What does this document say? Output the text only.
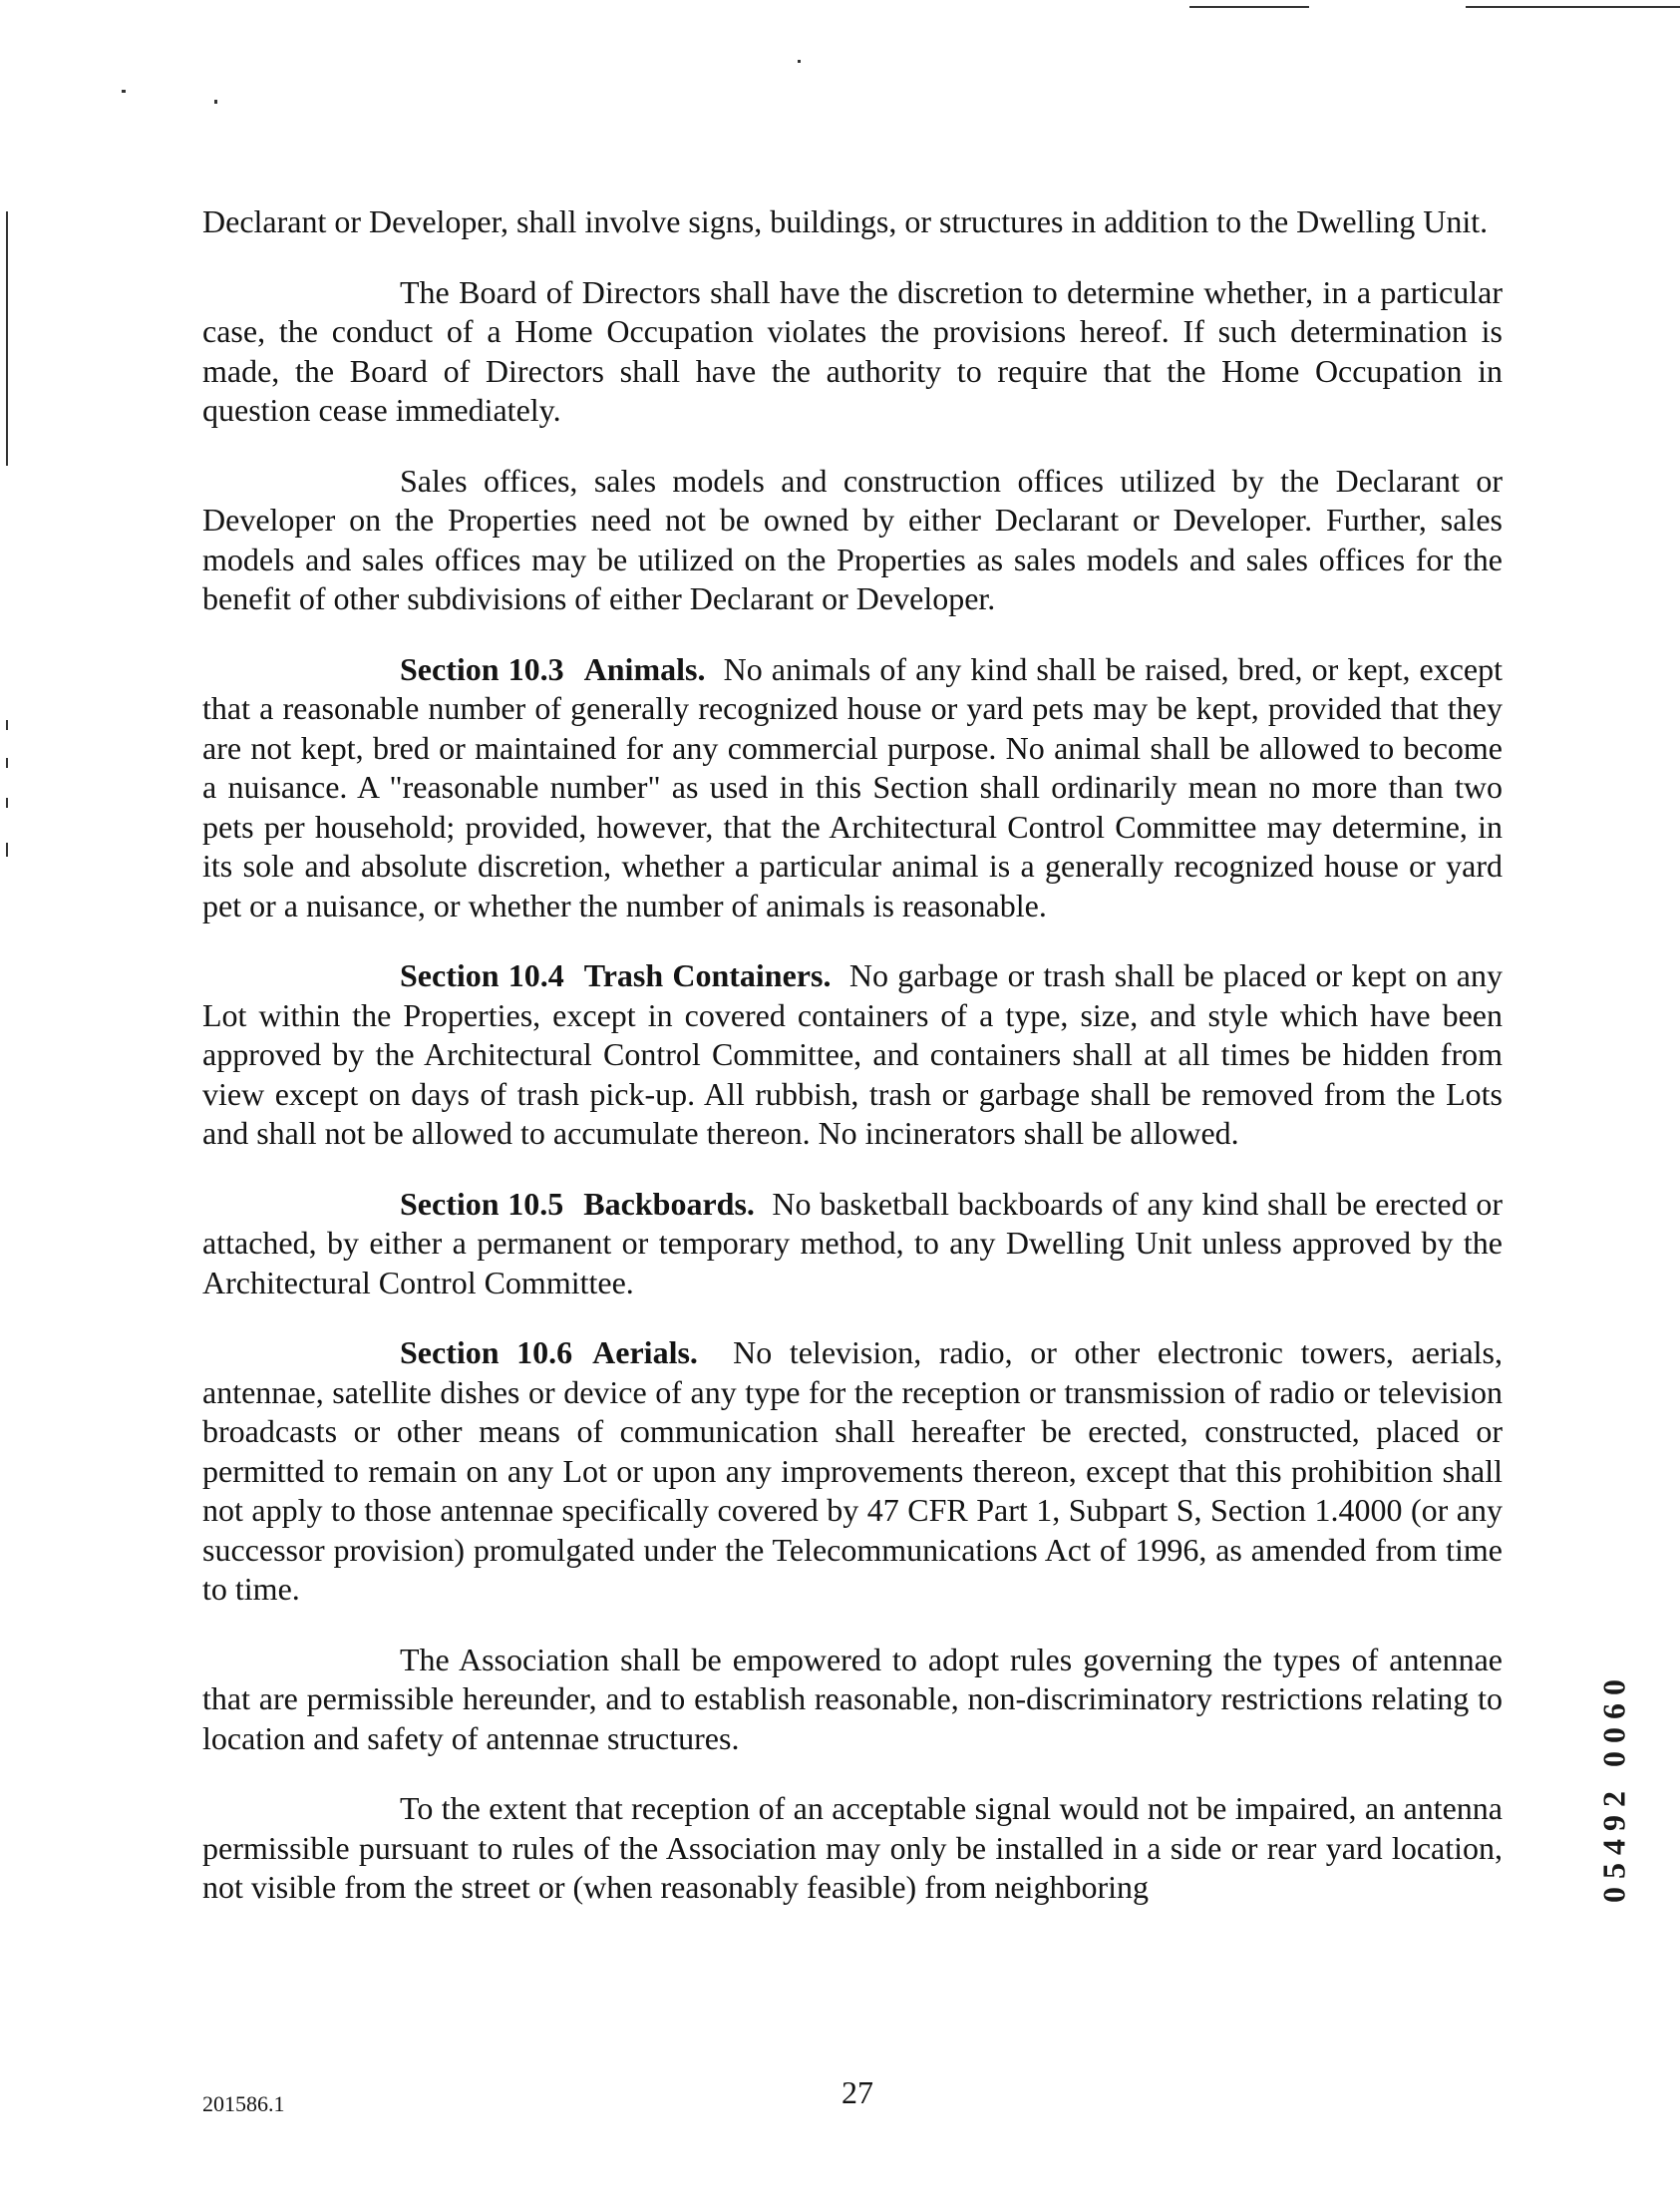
Declarant or Developer, shall involve signs, buildings, or structures in addition to the Dwelling Unit.

The Board of Directors shall have the discretion to determine whether, in a particular case, the conduct of a Home Occupation violates the provisions hereof. If such determination is made, the Board of Directors shall have the authority to require that the Home Occupation in question cease immediately.

Sales offices, sales models and construction offices utilized by the Declarant or Developer on the Properties need not be owned by either Declarant or Developer. Further, sales models and sales offices may be utilized on the Properties as sales models and sales offices for the benefit of other subdivisions of either Declarant or Developer.

Section 10.3 Animals. No animals of any kind shall be raised, bred, or kept, except that a reasonable number of generally recognized house or yard pets may be kept, provided that they are not kept, bred or maintained for any commercial purpose. No animal shall be allowed to become a nuisance. A "reasonable number" as used in this Section shall ordinarily mean no more than two pets per household; provided, however, that the Architectural Control Committee may determine, in its sole and absolute discretion, whether a particular animal is a generally recognized house or yard pet or a nuisance, or whether the number of animals is reasonable.

Section 10.4 Trash Containers. No garbage or trash shall be placed or kept on any Lot within the Properties, except in covered containers of a type, size, and style which have been approved by the Architectural Control Committee, and containers shall at all times be hidden from view except on days of trash pick-up. All rubbish, trash or garbage shall be removed from the Lots and shall not be allowed to accumulate thereon. No incinerators shall be allowed.

Section 10.5 Backboards. No basketball backboards of any kind shall be erected or attached, by either a permanent or temporary method, to any Dwelling Unit unless approved by the Architectural Control Committee.

Section 10.6 Aerials. No television, radio, or other electronic towers, aerials, antennae, satellite dishes or device of any type for the reception or transmission of radio or television broadcasts or other means of communication shall hereafter be erected, constructed, placed or permitted to remain on any Lot or upon any improvements thereon, except that this prohibition shall not apply to those antennae specifically covered by 47 CFR Part 1, Subpart S, Section 1.4000 (or any successor provision) promulgated under the Telecommunications Act of 1996, as amended from time to time.

The Association shall be empowered to adopt rules governing the types of antennae that are permissible hereunder, and to establish reasonable, non-discriminatory restrictions relating to location and safety of antennae structures.

To the extent that reception of an acceptable signal would not be impaired, an antenna permissible pursuant to rules of the Association may only be installed in a side or rear yard location, not visible from the street or (when reasonably feasible) from neighboring

201586.1	27
05492 0060
